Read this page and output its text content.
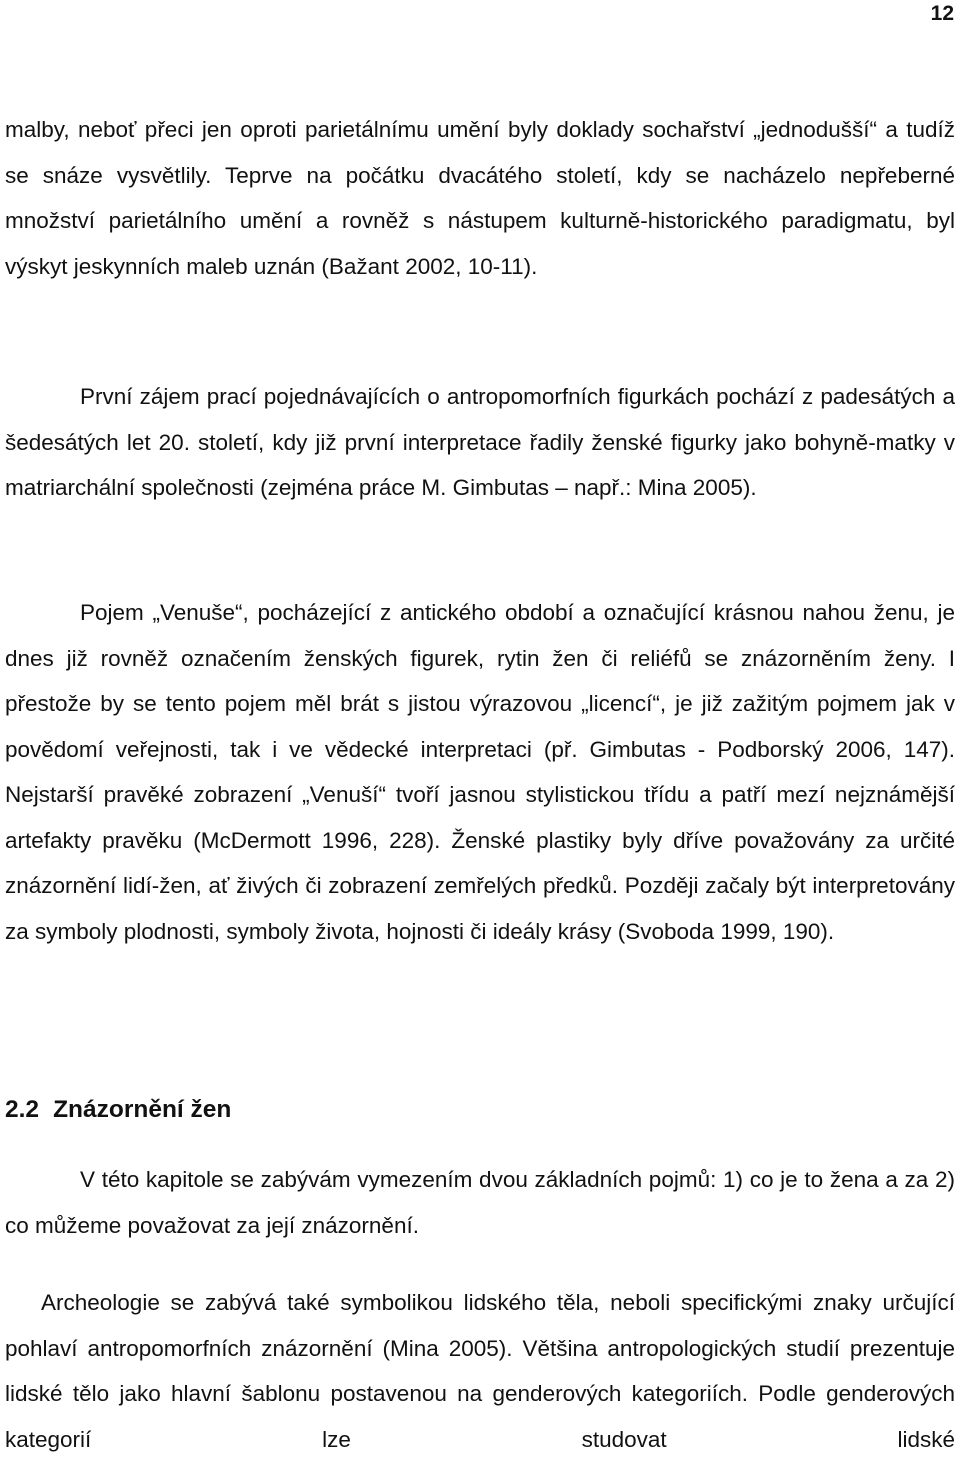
12

malby, neboť přeci jen oproti parietálnímu umění byly doklady sochařství „jednodušší“ a tudíž se snáze vysvětlily. Teprve na počátku dvacátého století, kdy se nacházelo nepřeberné množství parietálního umění a rovněž s nástupem kulturně-historického paradigmatu, byl výskyt jeskynních maleb uznán (Bažant 2002, 10-11).

První zájem prací pojednávajících o antropomorfních figurkách pochází z padesátých a šedesátých let 20. století, kdy již první interpretace řadily ženské figurky jako bohyně-matky v matriarchální společnosti (zejména práce M. Gimbutas – např.: Mina 2005).

Pojem „Venuše“, pocházející z antického období a označující krásnou nahou ženu, je dnes již rovněž označením ženských figurek, rytin žen či reliéfů se znázorněním ženy. I přestože by se tento pojem měl brát s jistou výrazovou „licencí“, je již zažitým pojmem jak v povědomí veřejnosti, tak i ve vědecké interpretaci (př. Gimbutas - Podborský 2006, 147). Nejstarší pravěké zobrazení „Venuší“ tvoří jasnou stylistickou třídu a patří mezí nejznámější artefakty pravěku (McDermott 1996, 228). Ženské plastiky byly dříve považovány za určité znázornění lidí-žen, ať živých či zobrazení zemřelých předků. Později začaly být interpretovány za symboly plodnosti, symboly života, hojnosti či ideály krásy (Svoboda 1999, 190).

2.2 Znázornění žen

V této kapitole se zabývám vymezením dvou základních pojmů: 1) co je to žena a za 2) co můžeme považovat za její znázornění.

Archeologie se zabývá také symbolikou lidského těla, neboli specifickými znaky určující pohlaví antropomorfních znázornění (Mina 2005). Většina antropologických studií prezentuje lidské tělo jako hlavní šablonu postavenou na genderových kategoriích. Podle genderových kategorií lze studovat lidské
